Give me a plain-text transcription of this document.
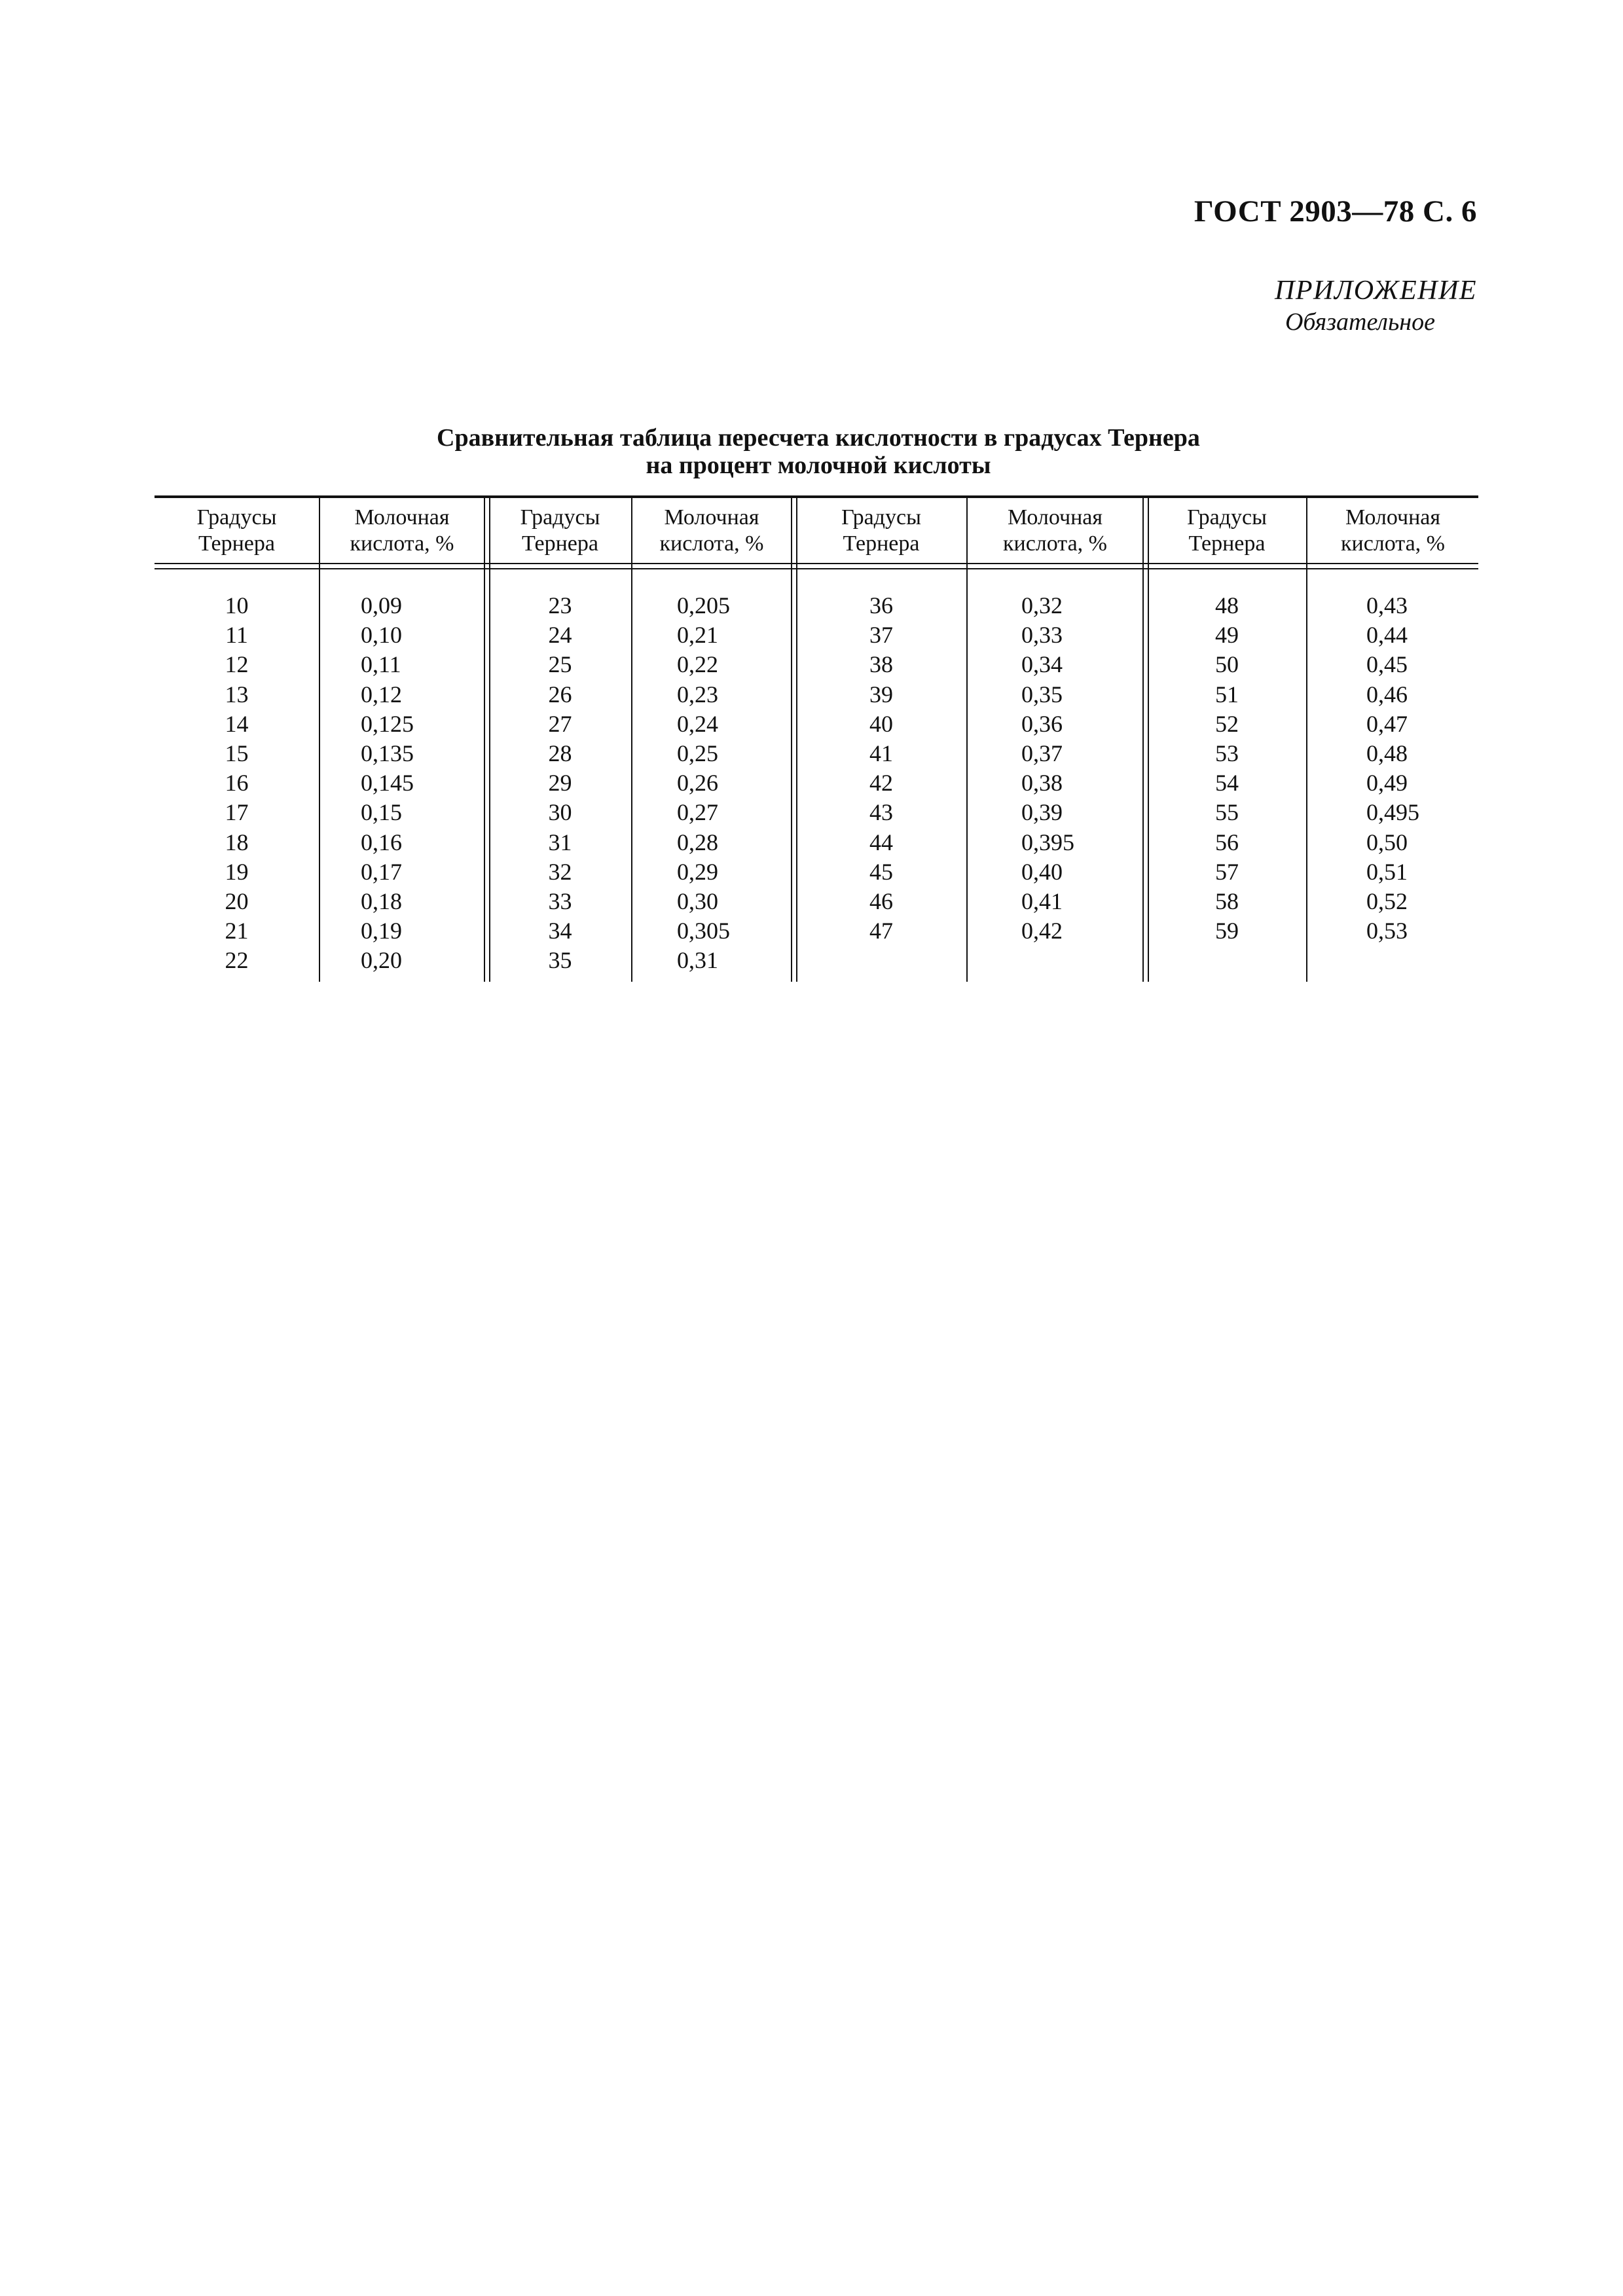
ГОСТ 2903—78 С. 6
ПРИЛОЖЕНИЕ
Обязательное
Сравнительная таблица пересчета кислотности в градусах Тернера
на процент молочной кислоты
Градусы
Тернера
10
11
12
13
14
15
16
17
18
19
20
21
22
Молочная
кислота, %
0,09
0,10
0,11
0,12
0,125
0,135
0,145
0,15
0,16
0,17
0,18
0,19
0,20
Градусы
Тернера
23
24
25
26
27
28
29
30
31
32
33
34
35
Молочная
кислота, %
0,205
0,21
0,22
0,23
0,24
0,25
0,26
0,27
0,28
0,29
0,30
0,305
0,31
Градусы
Тернера
36
37
38
39
40
41
42
43
44
45
46
47
Молочная
кислота, %
0,32
0,33
0,34
0,35
0,36
0,37
0,38
0,39
0,395
0,40
0,41
0,42
Градусы
Тернера
48
49
50
51
52
53
54
55
56
57
58
59
Молочная
кислота, %
0,43
0,44
0,45
0,46
0,47
0,48
0,49
0,495
0,50
0,51
0,52
0,53
